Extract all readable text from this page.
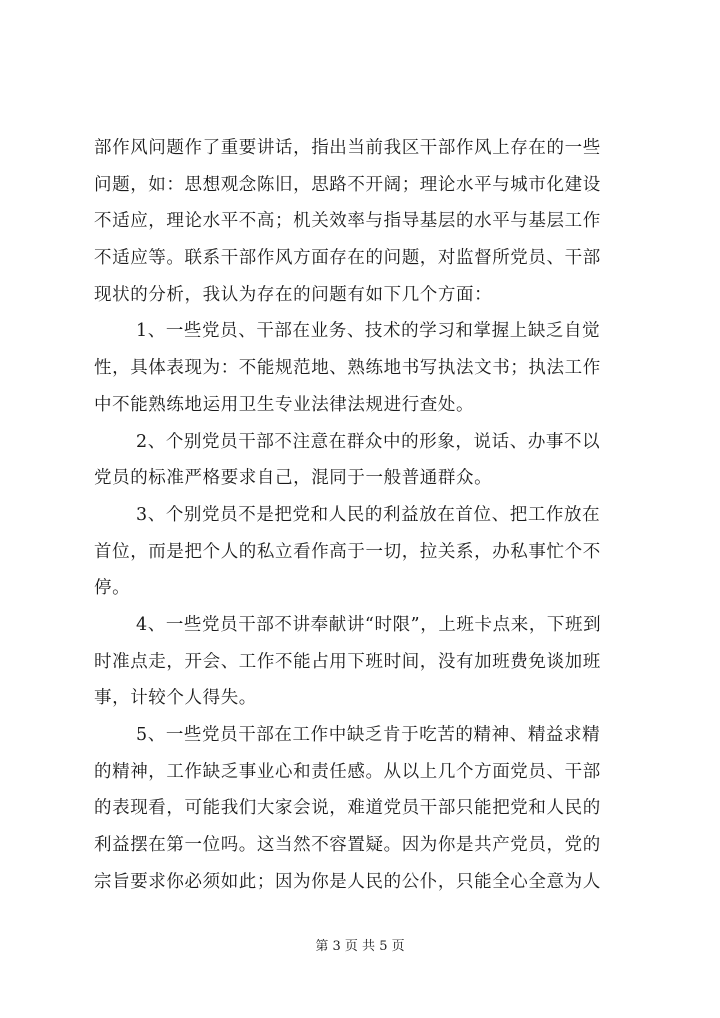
部作风问题作了重要讲话，指出当前我区干部作风上存在的一些
问题，如：思想观念陈旧，思路不开阔；理论水平与城市化建设
不适应，理论水平不高；机关效率与指导基层的水平与基层工作
不适应等。联系干部作风方面存在的问题，对监督所党员、干部
现状的分析，我认为存在的问题有如下几个方面：
1、一些党员、干部在业务、技术的学习和掌握上缺乏自觉
性，具体表现为：不能规范地、熟练地书写执法文书；执法工作
中不能熟练地运用卫生专业法律法规进行查处。
2、个别党员干部不注意在群众中的形象，说话、办事不以
党员的标准严格要求自己，混同于一般普通群众。
3、个别党员不是把党和人民的利益放在首位、把工作放在
首位，而是把个人的私立看作高于一切，拉关系，办私事忙个不
停。
4、一些党员干部不讲奉献讲“时限”，上班卡点来，下班到
时准点走，开会、工作不能占用下班时间，没有加班费免谈加班
事，计较个人得失。
5、一些党员干部在工作中缺乏肯于吃苦的精神、精益求精
的精神，工作缺乏事业心和责任感。从以上几个方面党员、干部
的表现看，可能我们大家会说，难道党员干部只能把党和人民的
利益摆在第一位吗。这当然不容置疑。因为你是共产党员，党的
宗旨要求你必须如此；因为你是人民的公仆，只能全心全意为人
第 3 页 共 5 页
